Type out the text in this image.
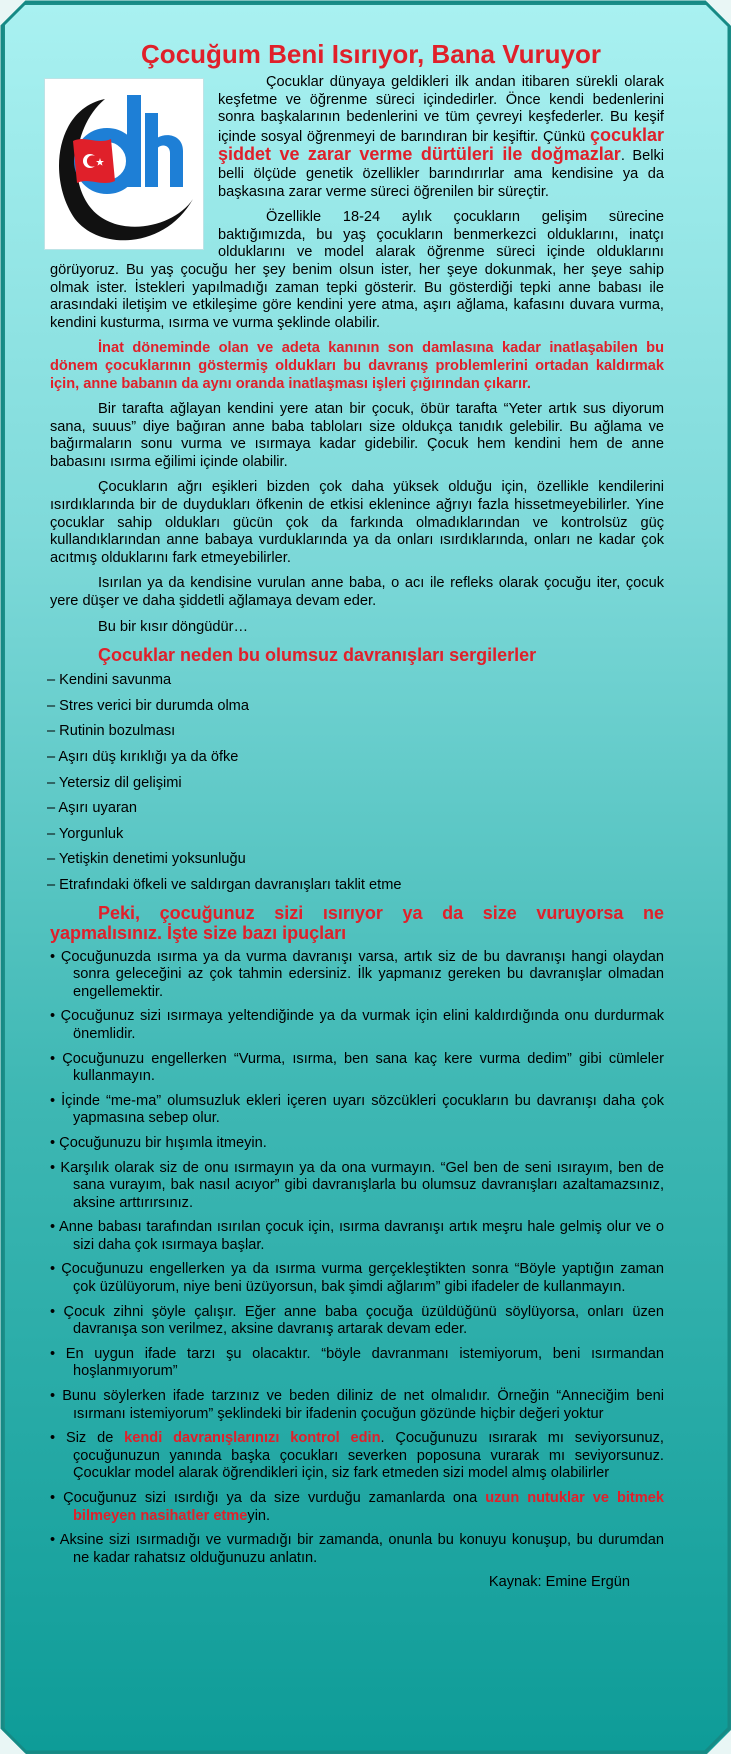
Çocuğum Beni Isırıyor, Bana Vuruyor

Çocuklar dünyaya geldikleri ilk andan itibaren sürekli olarak keşfetme ve öğrenme süreci içindedirler. Önce kendi bedenlerini sonra başkalarının bedenlerini ve tüm çevreyi keşfederler. Bu keşif içinde sosyal öğrenmeyi de barındıran bir keşiftir. Çünkü çocuklar şiddet ve zarar verme dürtüleri ile doğmazlar. Belki belli ölçüde genetik özellikler barındırırlar ama kendisine ya da başkasına zarar verme süreci öğrenilen bir süreçtir.

Özellikle 18-24 aylık çocukların gelişim sürecine baktığımızda, bu yaş çocukların benmerkezci olduklarını, inatçı olduklarını ve model alarak öğrenme süreci içinde olduklarını görüyoruz. Bu yaş çocuğu her şey benim olsun ister, her şeye dokunmak, her şeye sahip olmak ister. İstekleri yapılmadığı zaman tepki gösterir. Bu gösterdiği tepki anne babası ile arasındaki iletişim ve etkileşime göre kendini yere atma, aşırı ağlama, kafasını duvara vurma, kendini kusturma, ısırma ve vurma şeklinde olabilir.

İnat döneminde olan ve adeta kanının son damlasına kadar inatlaşabilen bu dönem çocuklarının göstermiş oldukları bu davranış problemlerini ortadan kaldırmak için, anne babanın da aynı oranda inatlaşması işleri çığırından çıkarır.

Bir tarafta ağlayan kendini yere atan bir çocuk, öbür tarafta “Yeter artık sus diyorum sana, suuus” diye bağıran anne baba tabloları size oldukça tanıdık gelebilir. Bu ağlama ve bağırmaların sonu vurma ve ısırmaya kadar gidebilir. Çocuk hem kendini hem de anne babasını ısırma eğilimi içinde olabilir.

Çocukların ağrı eşikleri bizden çok daha yüksek olduğu için, özellikle kendilerini ısırdıklarında bir de duydukları öfkenin de etkisi eklenince ağrıyı fazla hissetmeyebilirler. Yine çocuklar sahip oldukları gücün çok da farkında olmadıklarından ve kontrolsüz güç kullandıklarından anne babaya vurduklarında ya da onları ısırdıklarında, onları ne kadar çok acıtmış olduklarını fark etmeyebilirler.

Isırılan ya da kendisine vurulan anne baba, o acı ile refleks olarak çocuğu iter, çocuk yere düşer ve daha şiddetli ağlamaya devam eder.

Bu bir kısır döngüdür…

Çocuklar neden bu olumsuz davranışları sergilerler
– Kendini savunma
– Stres verici bir durumda olma
– Rutinin bozulması
– Aşırı düş kırıklığı ya da öfke
– Yetersiz dil gelişimi
– Aşırı uyaran
– Yorgunluk
– Yetişkin denetimi yoksunluğu
– Etrafındaki öfkeli ve saldırgan davranışları taklit etme
Peki, çocuğunuz sizi ısırıyor ya da size vuruyorsa ne yapmalısınız. İşte size bazı ipuçları
• Çocuğunuzda ısırma ya da vurma davranışı varsa, artık siz de bu davranışı hangi olaydan sonra geleceğini az çok tahmin edersiniz. İlk yapmanız gereken bu davranışlar olmadan engellemektir.
• Çocuğunuz sizi ısırmaya yeltendiğinde ya da vurmak için elini kaldırdığında onu durdurmak önemlidir.
• Çocuğunuzu engellerken “Vurma, ısırma, ben sana kaç kere vurma dedim” gibi cümleler kullanmayın.
• İçinde “me-ma” olumsuzluk ekleri içeren uyarı sözcükleri çocukların bu davranışı daha çok yapmasına sebep olur.
• Çocuğunuzu bir hışımla itmeyin.
• Karşılık olarak siz de onu ısırmayın ya da ona vurmayın. “Gel ben de seni ısırayım, ben de sana vurayım, bak nasıl acıyor” gibi davranışlarla bu olumsuz davranışları azaltamazsınız, aksine arttırırsınız.
• Anne babası tarafından ısırılan çocuk için, ısırma davranışı artık meşru hale gelmiş olur ve o sizi daha çok ısırmaya başlar.
• Çocuğunuzu engellerken ya da ısırma vurma gerçekleştikten sonra “Böyle yaptığın zaman çok üzülüyorum, niye beni üzüyorsun, bak şimdi ağlarım” gibi ifadeler de kullanmayın.
• Çocuk zihni şöyle çalışır. Eğer anne baba çocuğa üzüldüğünü söylüyorsa, onları üzen davranışa son verilmez, aksine davranış artarak devam eder.
• En uygun ifade tarzı şu olacaktır. “böyle davranmanı istemiyorum, beni ısırmandan hoşlanmıyorum”
• Bunu söylerken ifade tarzınız ve beden diliniz de net olmalıdır. Örneğin “Anneciğim beni ısırmanı istemiyorum” şeklindeki bir ifadenin çocuğun gözünde hiçbir değeri yoktur
• Siz de kendi davranışlarınızı kontrol edin. Çocuğunuzu ısırarak mı seviyorsunuz, çocuğunuzun yanında başka çocukları severken poposuna vurarak mı seviyorsunuz. Çocuklar model alarak öğrendikleri için, siz fark etmeden sizi model almış olabilirler
• Çocuğunuz sizi ısırdığı ya da size vurduğu zamanlarda ona uzun nutuklar ve bitmek bilmeyen nasihatler etmeyin.
• Aksine sizi ısırmadığı ve vurmadığı bir zamanda, onunla bu konuyu konuşup, bu durumdan ne kadar rahatsız olduğunuzu anlatın.
Kaynak: Emine Ergün
